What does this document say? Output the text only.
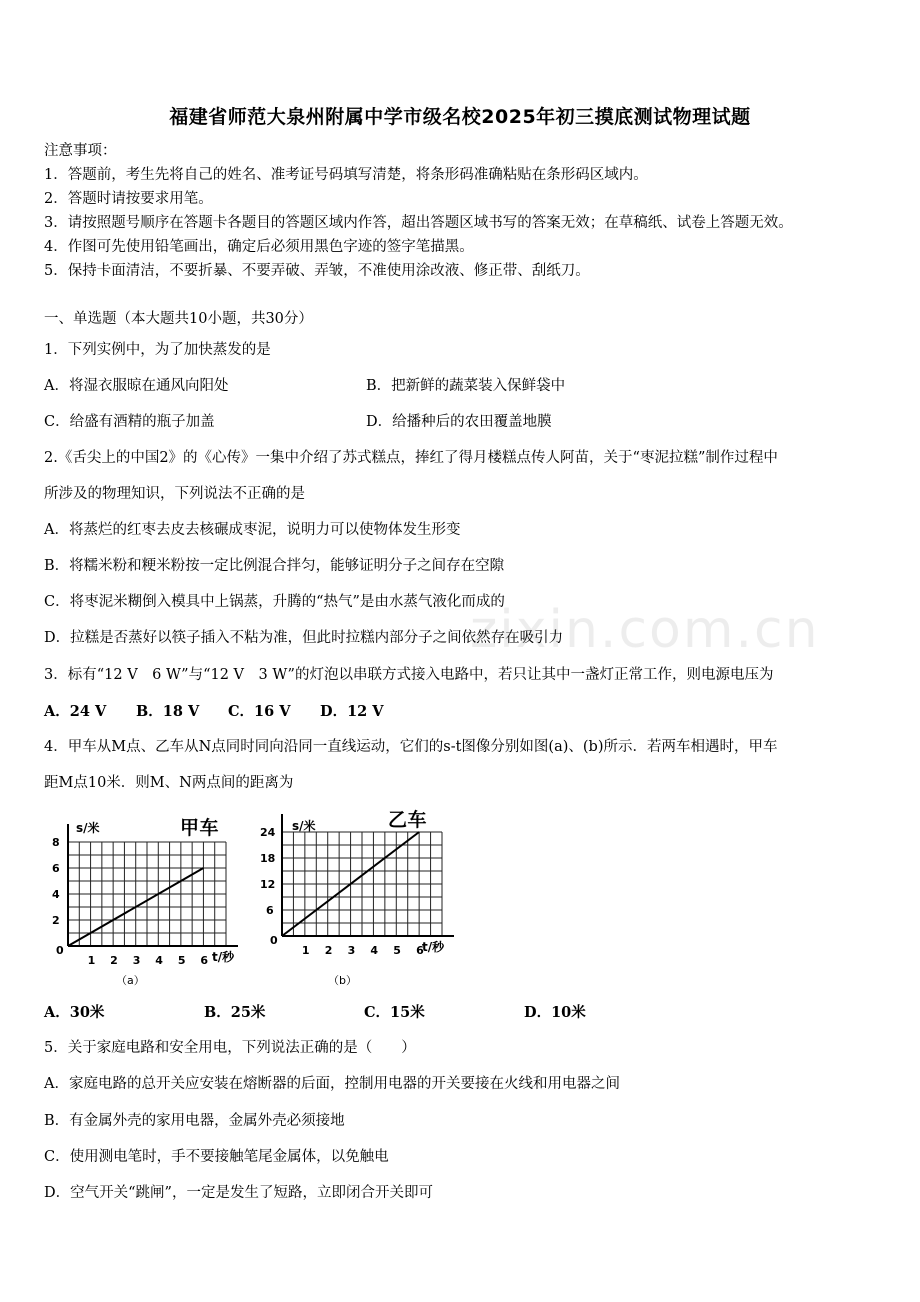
福建省师范大泉州附属中学市级名校2025年初三摸底测试物理试题
注意事项：
1．答题前，考生先将自己的姓名、准考证号码填写清楚，将条形码准确粘贴在条形码区域内。
2．答题时请按要求用笔。
3．请按照题号顺序在答题卡各题目的答题区域内作答，超出答题区域书写的答案无效；在草稿纸、试卷上答题无效。
4．作图可先使用铅笔画出，确定后必须用黑色字迹的签字笔描黑。
5．保持卡面清洁，不要折暴、不要弄破、弄皱，不准使用涂改液、修正带、刮纸刀。
一、单选题（本大题共10小题，共30分）
1．下列实例中，为了加快蒸发的是
A．将湿衣服晾在通风向阳处	B．把新鲜的蔬菜装入保鲜袋中
C．给盛有酒精的瓶子加盖	D．给播种后的农田覆盖地膜
2.《舌尖上的中国2》的《心传》一集中介绍了苏式糕点，捧红了得月楼糕点传人阿苗，关于“枣泥拉糕”制作过程中
所涉及的物理知识，下列说法不正确的是
A．将蒸烂的红枣去皮去核碾成枣泥，说明力可以使物体发生形变
B．将糯米粉和粳米粉按一定比例混合拌匀，能够证明分子之间存在空隙
C．将枣泥米糊倒入模具中上锅蒸，升腾的“热气”是由水蒸气液化而成的
D．拉糕是否蒸好以筷子插入不粘为准，但此时拉糕内部分子之间依然存在吸引力
3．标有“12 V　6 W”与“12 V　3 W”的灯泡以串联方式接入电路中，若只让其中一盏灯正常工作，则电源电压为
A．24 V B．18 V C．16 V D．12 V
4．甲车从M点、乙车从N点同时同向沿同一直线运动，它们的s-t图像分别如图(a)、(b)所示．若两车相遇时，甲车
距M点10米．则M、N两点间的距离为
0
1 2 3 4 5 6
2
4
6
8
s/米	甲车
t/秒
（a）
0
1 2 3 4 5 6
6
12
18
24 s/米	乙车
t/秒
（b）
A．30米	B．25米	C．15米	D．10米
5．关于家庭电路和安全用电，下列说法正确的是（　　）
A．家庭电路的总开关应安装在熔断器的后面，控制用电器的开关要接在火线和用电器之间
B．有金属外壳的家用电器，金属外壳必须接地
C．使用测电笔时，手不要接触笔尾金属体，以免触电
D．空气开关“跳闸”，一定是发生了短路，立即闭合开关即可
zixin.com.cn
